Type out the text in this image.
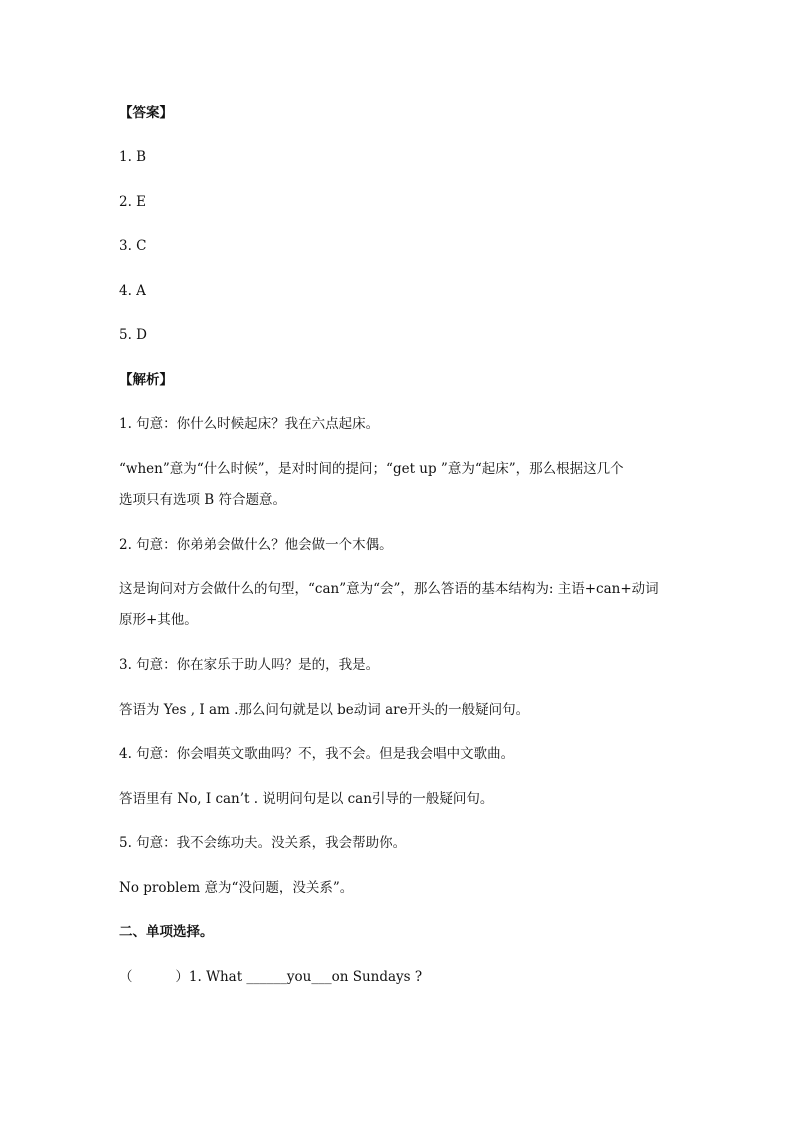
【答案】
1. B
2. E
3. C
4. A
5. D
【解析】
1. 句意：你什么时候起床？我在六点起床。
“when”意为“什么时候”，是对时间的提问；“get up ”意为“起床”，那么根据这几个
选项只有选项 B 符合题意。
2. 句意：你弟弟会做什么？他会做一个木偶。
这是询问对方会做什么的句型，“can”意为“会”，那么答语的基本结构为: 主语+can+动词
原形+其他。
3. 句意：你在家乐于助人吗？是的，我是。
答语为 Yes , I am .那么问句就是以 be动词 are开头的一般疑问句。
4. 句意：你会唱英文歌曲吗？不，我不会。但是我会唱中文歌曲。
答语里有 No, I can’t . 说明问句是以 can引导的一般疑问句。
5. 句意：我不会练功夫。没关系，我会帮助你。
No problem 意为“没问题，没关系”。
二、单项选择。
（          ）1. What ______you___on Sundays ?
